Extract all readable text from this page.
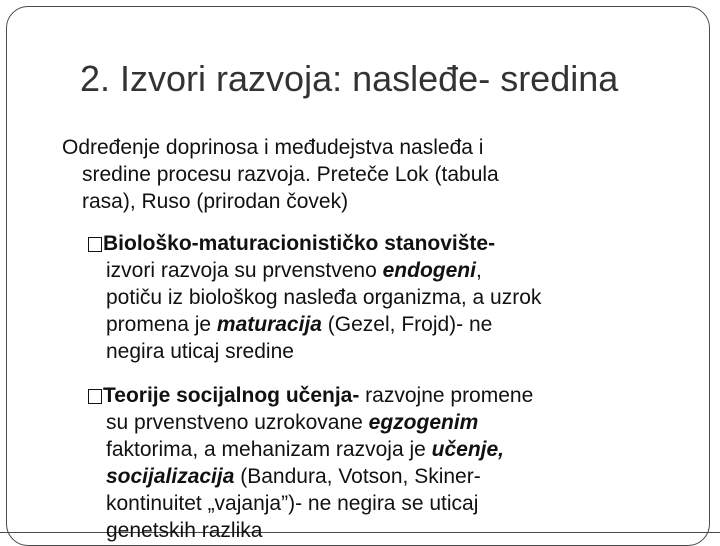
2. Izvori razvoja: nasleđe- sredina
Određenje doprinosa i međudejstva nasleđa i
sredine procesu razvoja. Preteče Lok (tabula
rasa), Ruso (prirodan čovek)
Biološko-maturacionističko stanovište-
izvori razvoja su prvenstveno endogeni,
potiču iz biološkog nasleđa organizma, a uzrok
promena je maturacija (Gezel, Frojd)- ne
negira uticaj sredine
Teorije socijalnog učenja- razvojne promene
su prvenstveno uzrokovane egzogenim
faktorima, a mehanizam razvoja je učenje,
socijalizacija (Bandura, Votson, Skiner-
kontinuitet „vajanja”)- ne negira se uticaj
genetskih razlika
